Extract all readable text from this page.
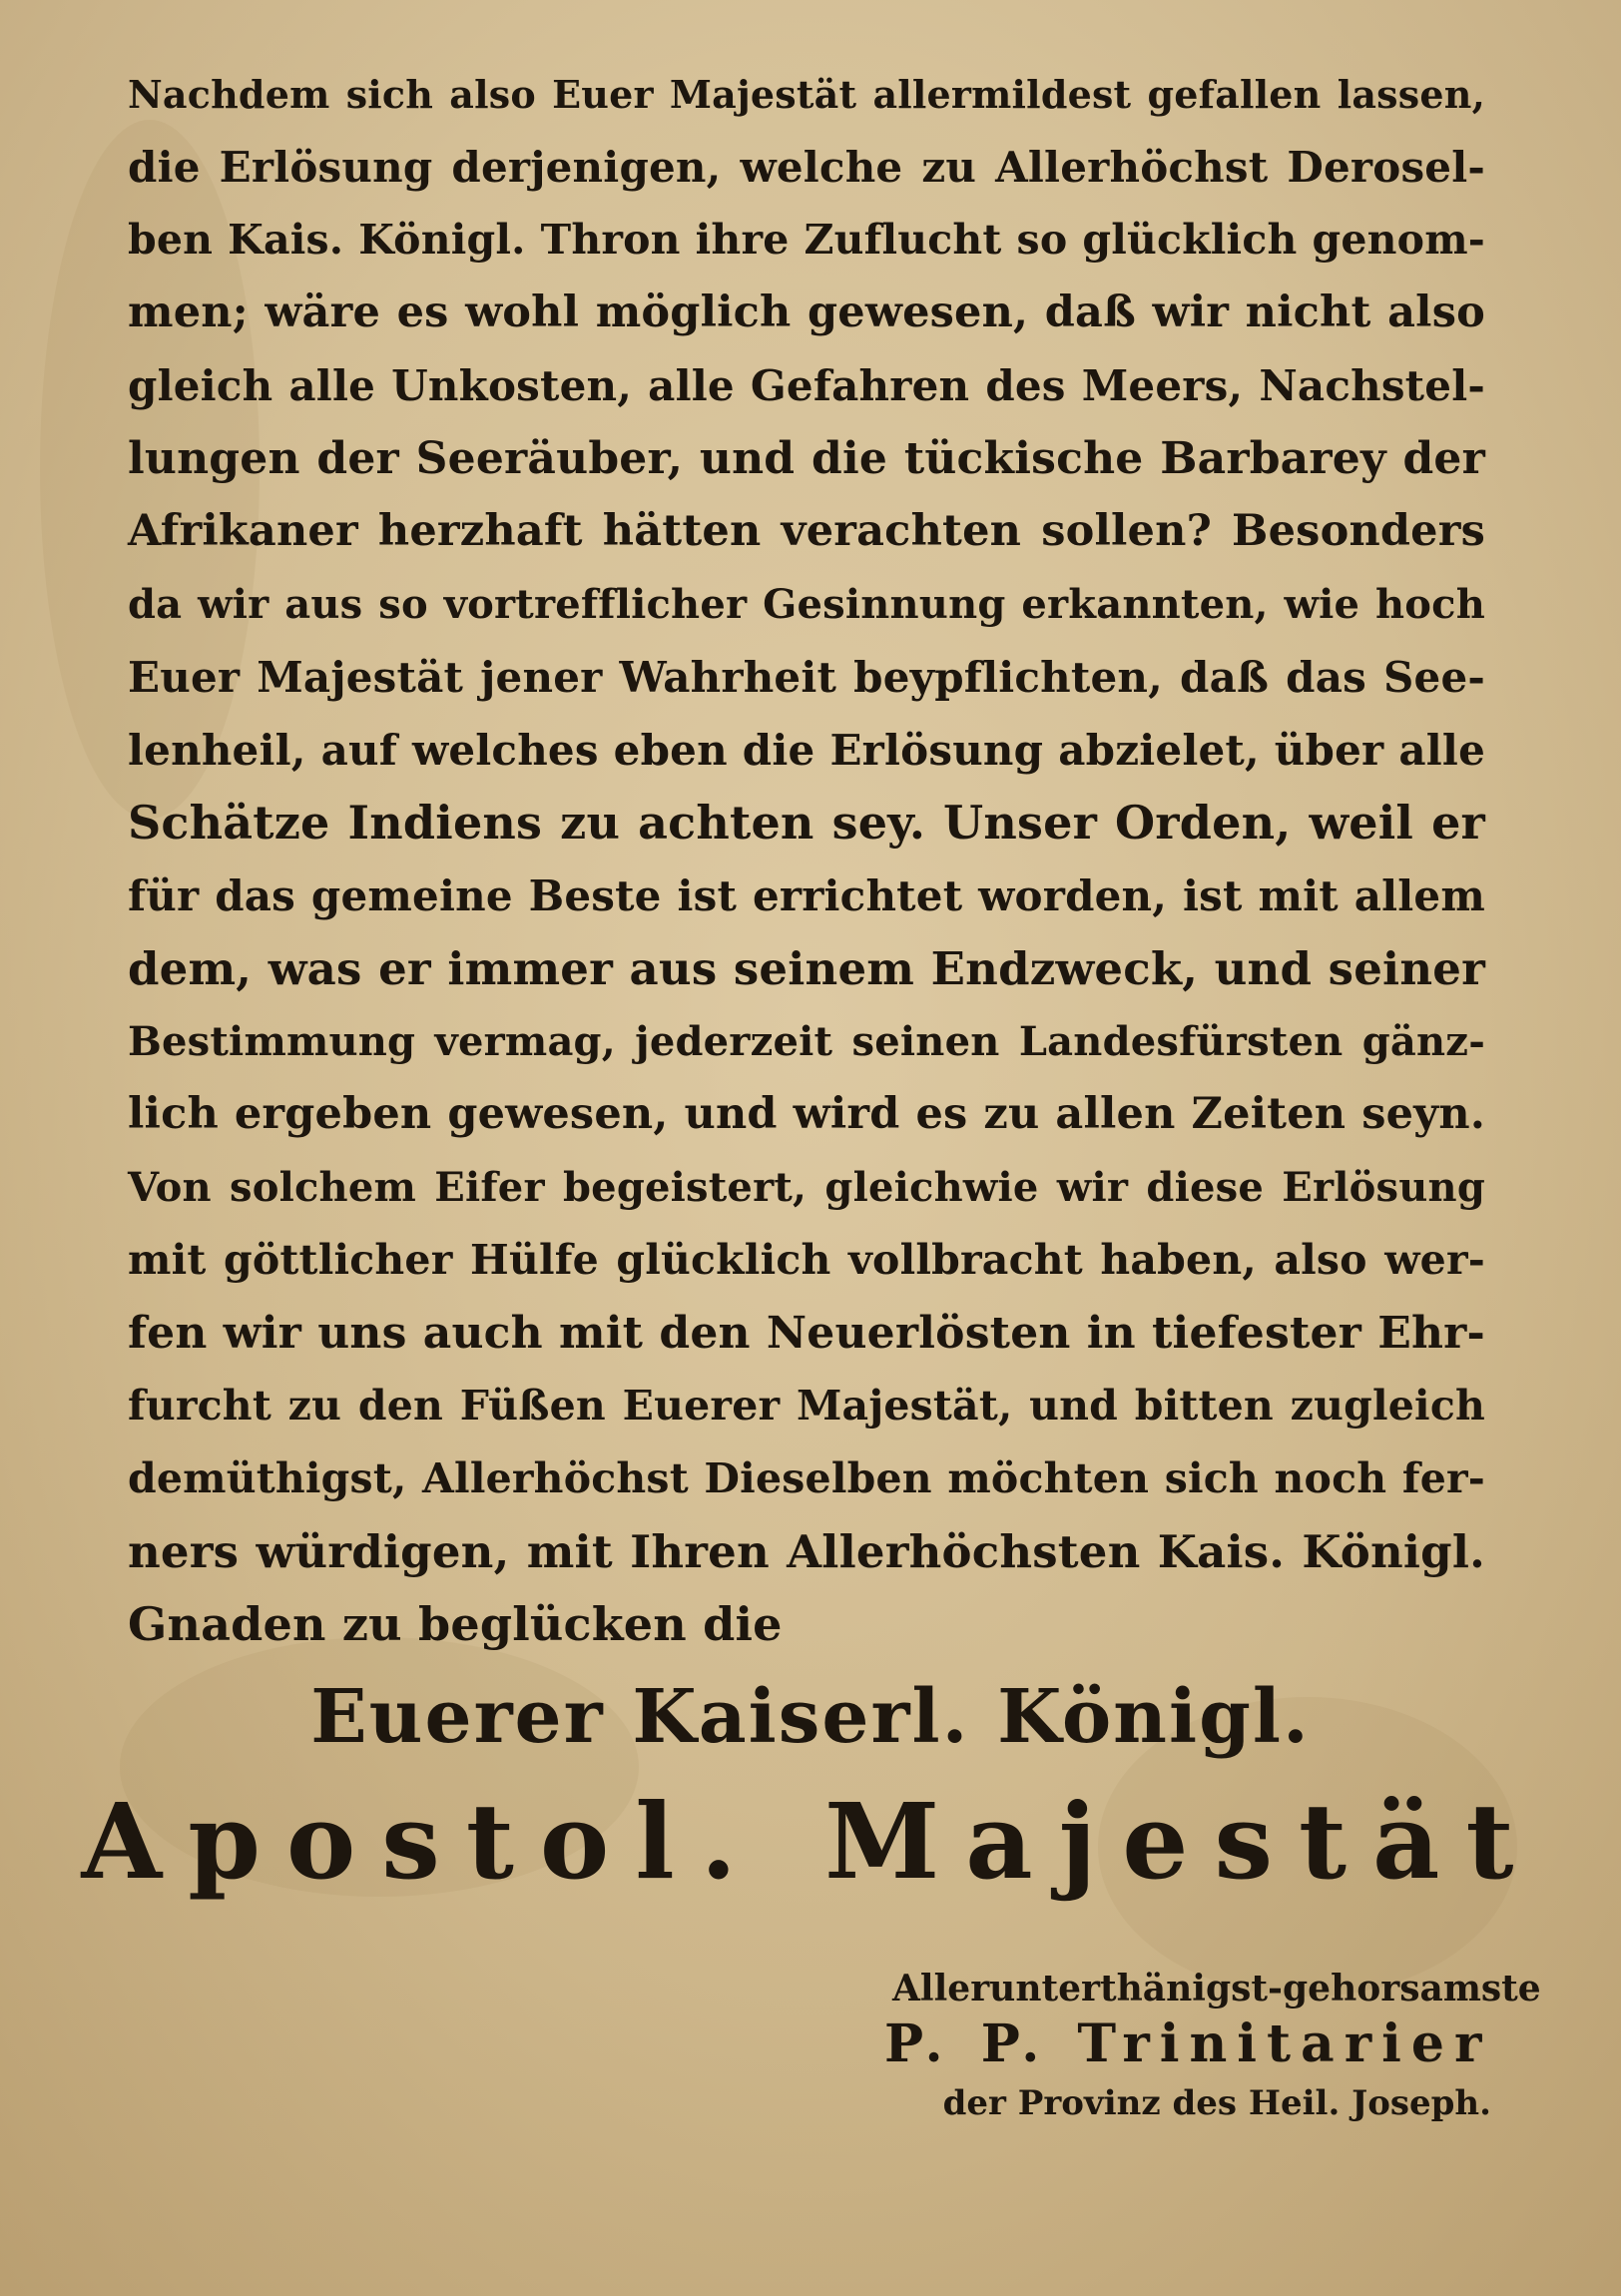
Nachdem sich also Euer Majestät allermildest gefallen lassen,
die Erlösung derjenigen, welche zu Allerhöchst Derosel-
ben Kais. Königl. Thron ihre Zuflucht so glücklich genom-
men; wäre es wohl möglich gewesen, daß wir nicht also
gleich alle Unkosten, alle Gefahren des Meers, Nachstel-
lungen der Seeräuber, und die tückische Barbarey der
Afrikaner herzhaft hätten verachten sollen? Besonders
da wir aus so vortrefflicher Gesinnung erkannten, wie hoch
Euer Majestät jener Wahrheit beypflichten, daß das See-
lenheil, auf welches eben die Erlösung abzielet, über alle
Schätze Indiens zu achten sey. Unser Orden, weil er
für das gemeine Beste ist errichtet worden, ist mit allem
dem, was er immer aus seinem Endzweck, und seiner
Bestimmung vermag, jederzeit seinen Landesfürsten gänz-
lich ergeben gewesen, und wird es zu allen Zeiten seyn.
Von solchem Eifer begeistert, gleichwie wir diese Erlösung
mit göttlicher Hülfe glücklich vollbracht haben, also wer-
fen wir uns auch mit den Neuerlösten in tiefester Ehr-
furcht zu den Füßen Euerer Majestät, und bitten zugleich
demüthigst, Allerhöchst Dieselben möchten sich noch fer-
ners würdigen, mit Ihren Allerhöchsten Kais. Königl.
Gnaden zu beglücken die
Euerer Kaiserl. Königl.
Apostol. Majestät
Allerunterthänigst-gehorsamste
P. P. Trinitarier
der Provinz des Heil. Joseph.
